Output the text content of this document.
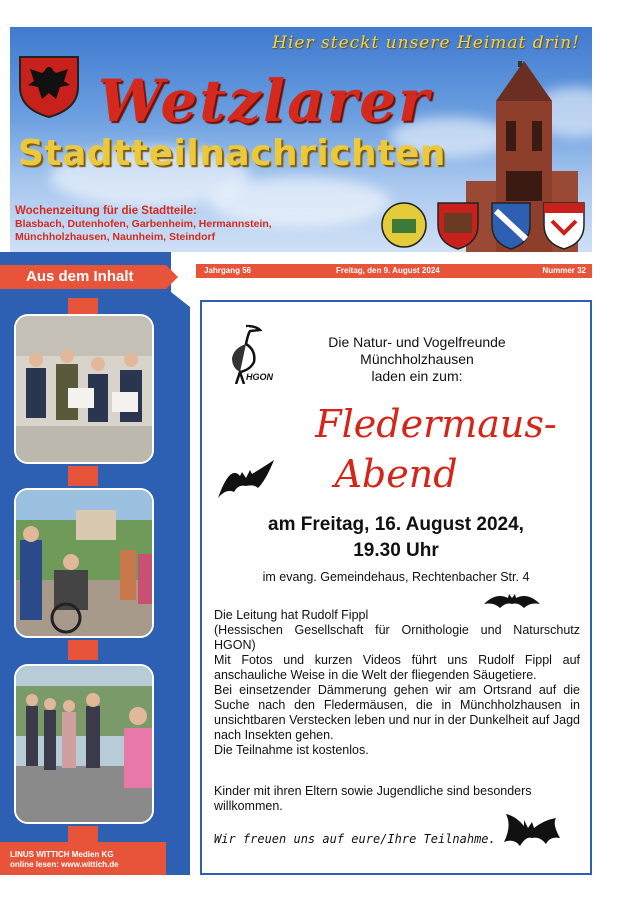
Hier steckt unsere Heimat drin!
Wetzlarer
Stadtteilnachrichten
Wochenzeitung für die Stadtteile:
Blasbach, Dutenhofen, Garbenheim, Hermannstein,
Münchholzhausen, Naunheim, Steindorf
Jahrgang 56	Freitag, den 9. August 2024	Nummer 32
Aus dem Inhalt
LINUS WITTICH Medien KG
online lesen: www.wittich.de
HGON
Die Natur- und Vogelfreunde
Münchholzhausen
laden ein zum:
Fledermaus-
Abend
am Freitag, 16. August 2024,
19.30 Uhr
im evang. Gemeindehaus, Rechtenbacher Str. 4

Die Leitung hat Rudolf Fippl

(Hessischen Gesellschaft für Ornithologie und Naturschutz HGON)

Mit Fotos und kurzen Videos führt uns Rudolf Fippl auf anschauliche Weise in die Welt der fliegenden Säugetiere.

Bei einsetzender Dämmerung gehen wir am Ortsrand auf die Suche nach den Fledermäusen, die in Münchholzhausen in unsichtbaren Verstecken leben und nur in der Dunkelheit auf Jagd nach Insekten gehen.

Die Teilnahme ist kostenlos.

Kinder mit ihren Eltern sowie Jugendliche sind besonders willkommen.
Wir freuen uns auf eure/Ihre Teilnahme.
